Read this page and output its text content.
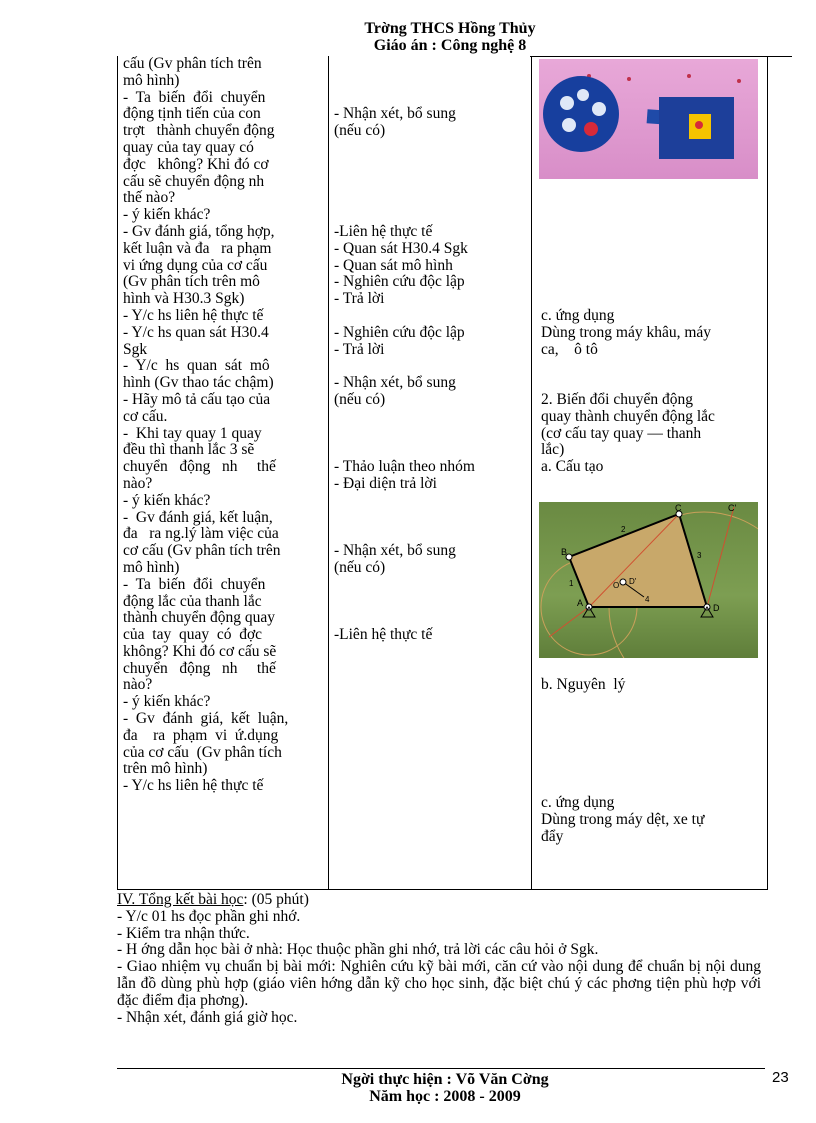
Trờng THCS Hồng Thủy
Giáo án : Công nghệ 8
cấu (Gv phân tích trên
mô hình)
-  Ta  biến  đổi  chuyển
động tịnh tiến của con
trợt   thành chuyển động
quay của tay quay có
đợc   không? Khi đó cơ
cấu sẽ chuyển động nh
thế nào?
- ý kiến khác?
- Gv đánh giá, tổng hợp,
kết luận và đa   ra phạm
vi ứng dụng của cơ cấu
(Gv phân tích trên mô
hình và H30.3 Sgk)
- Y/c hs liên hệ thực tế
- Y/c hs quan sát H30.4
Sgk
-  Y/c  hs  quan  sát  mô
hình (Gv thao tác chậm)
- Hãy mô tả cấu tạo của
cơ cấu.
-  Khi tay quay 1 quay
đều thì thanh lắc 3 sẽ
chuyển   động   nh     thế
nào?
- ý kiến khác?
-  Gv đánh giá, kết luận,
đa   ra ng.lý làm việc của
cơ cấu (Gv phân tích trên
mô hình)
-  Ta  biến  đổi  chuyển
động lắc của thanh lắc
thành chuyển động quay
của  tay  quay  có  đợc
không? Khi đó cơ cấu sẽ
chuyển   động   nh     thế
nào?
- ý kiến khác?
-  Gv  đánh  giá,  kết  luận,
đa    ra  phạm  vi  ứ.dụng
của cơ cấu  (Gv phân tích
trên mô hình)
- Y/c hs liên hệ thực tế
- Nhận xét, bổ sung
(nếu có)
-Liên hệ thực tế
- Quan sát H30.4 Sgk
- Quan sát mô hình
- Nghiên cứu độc lập
- Trả lời
- Nghiên cứu độc lập
- Trả lời
- Nhận xét, bổ sung
(nếu có)
- Thảo luận theo nhóm
- Đại diện trả lời
- Nhận xét, bổ sung
(nếu có)
-Liên hệ thực tế
c. ứng dụng
Dùng trong máy khâu, máy
ca,    ô tô
2. Biến đổi chuyển động
quay thành chuyển động lắc
(cơ cấu tay quay — thanh
lắc)
a. Cấu tạo
b. Nguyên  lý
c. ứng dụng
Dùng trong máy dệt, xe tự
đẩy
A
B
C	C'
D
O D'
1
2
3
4
IV. Tổng kết bài học: (05 phút)
- Y/c 01 hs đọc phần ghi nhớ.
- Kiểm tra nhận thức.
- H ớng dẫn học bài ở nhà: Học thuộc phần ghi nhớ, trả lời các câu hỏi ở Sgk.
- Giao nhiệm vụ chuẩn bị bài mới: Nghiên cứu kỹ bài mới, căn cứ vào nội dung để chuẩn bị nội dung lẫn đồ dùng phù hợp (giáo viên hớng dẫn kỹ cho học sinh, đặc biệt chú ý các phơng tiện phù hợp với đặc điểm địa phơng).
- Nhận xét, đánh giá giờ học.
Ngời thực hiện : Võ Văn Cờng
Năm học : 2008 - 2009
23
